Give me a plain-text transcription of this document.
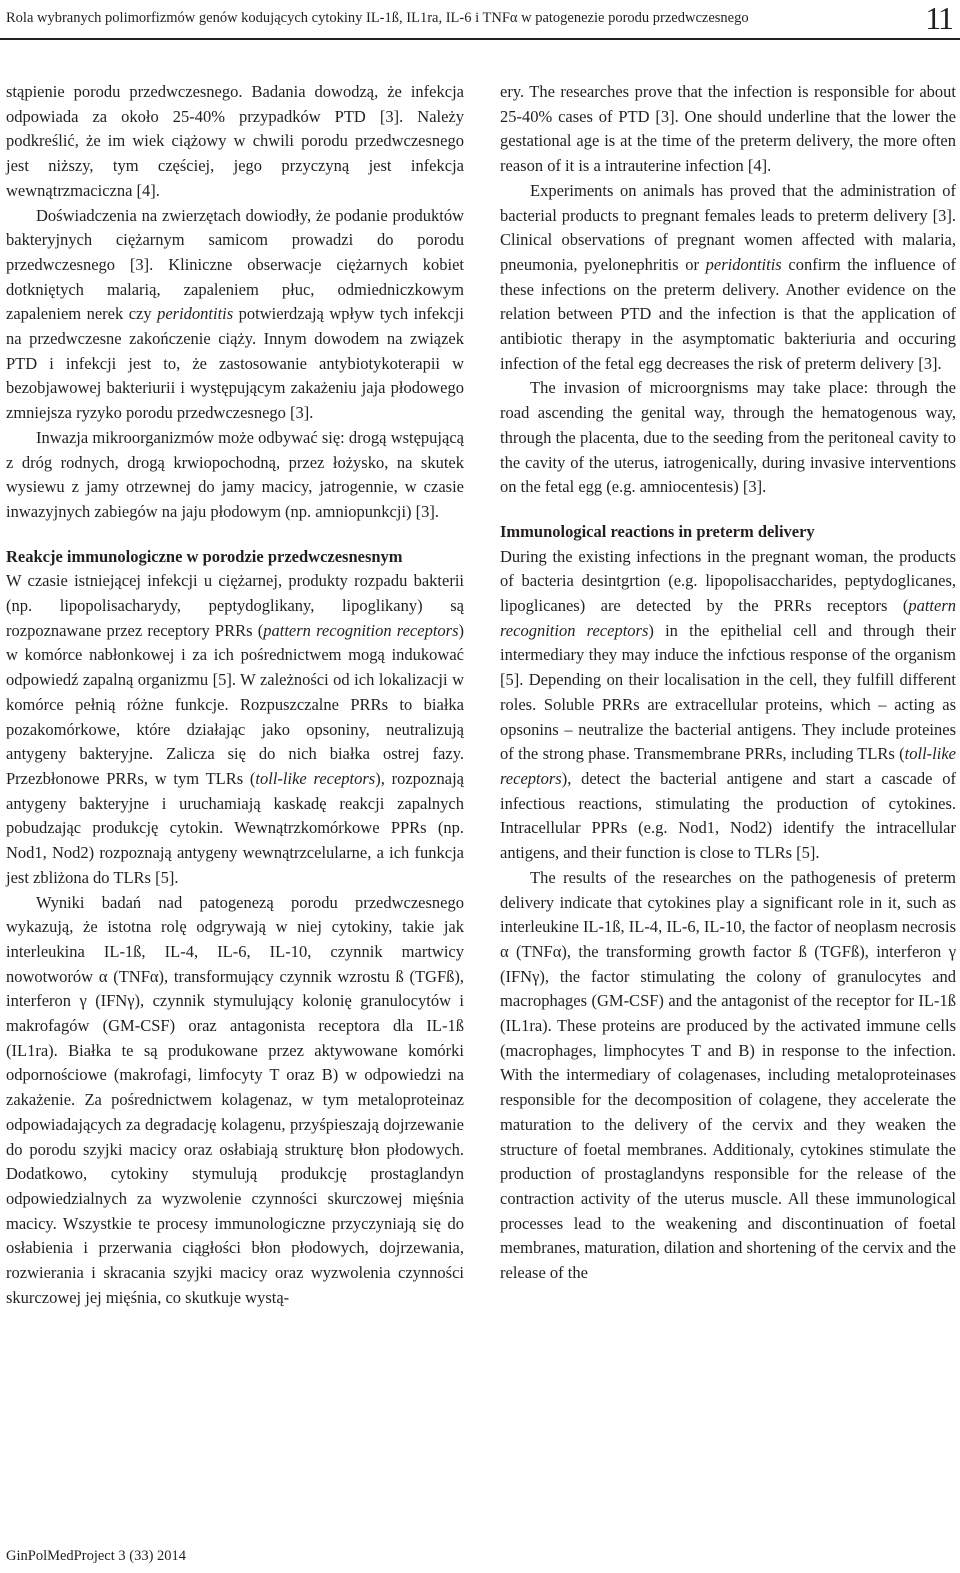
Rola wybranych polimorfizmów genów kodujących cytokiny IL-1ß, IL1ra, IL-6 i TNFα w patogenezie porodu przedwczesnego	11

stąpienie porodu przedwczesnego. Badania dowodzą, że infekcja odpowiada za około 25-40% przypadków PTD [3]. Należy podkreślić, że im wiek ciążowy w chwili porodu przedwczesnego jest niższy, tym częściej, jego przyczyną jest infekcja wewnątrzmaciczna [4].

Doświadczenia na zwierzętach dowiodły, że podanie produktów bakteryjnych ciężarnym samicom prowadzi do porodu przedwczesnego [3]. Kliniczne obserwacje ciężarnych kobiet dotkniętych malarią, zapaleniem płuc, odmiedniczkowym zapaleniem nerek czy peridontitis potwierdzają wpływ tych infekcji na przedwczesne zakończenie ciąży. Innym dowodem na związek PTD i infekcji jest to, że zastosowanie antybiotykoterapii w bezobjawowej bakteriurii i występującym zakażeniu jaja płodowego zmniejsza ryzyko porodu przedwczesnego [3].

Inwazja mikroorganizmów może odbywać się: drogą wstępującą z dróg rodnych, drogą krwiopochodną, przez łożysko, na skutek wysiewu z jamy otrzewnej do jamy macicy, jatrogennie, w czasie inwazyjnych zabiegów na jaju płodowym (np. amniopunkcji) [3].

Reakcje immunologiczne w porodzie przedwczesnesnym

W czasie istniejącej infekcji u ciężarnej, produkty rozpadu bakterii (np. lipopolisacharydy, peptydoglikany, lipoglikany) są rozpoznawane przez receptory PRRs (pattern recognition receptors) w komórce nabłonkowej i za ich pośrednictwem mogą indukować odpowiedź zapalną organizmu [5]. W zależności od ich lokalizacji w komórce pełnią różne funkcje. Rozpuszczalne PRRs to białka pozakomórkowe, które działając jako opsoniny, neutralizują antygeny bakteryjne. Zalicza się do nich białka ostrej fazy. Przezbłonowe PRRs, w tym TLRs (toll-like receptors), rozpoznają antygeny bakteryjne i uruchamiają kaskadę reakcji zapalnych pobudzając produkcję cytokin. Wewnątrzkomórkowe PPRs (np. Nod1, Nod2) rozpoznają antygeny wewnątrzcelularne, a ich funkcja jest zbliżona do TLRs [5].

Wyniki badań nad patogenezą porodu przedwczesnego wykazują, że istotna rolę odgrywają w niej cytokiny, takie jak interleukina IL-1ß, IL-4, IL-6, IL-10, czynnik martwicy nowotworów α (TNFα), transformujący czynnik wzrostu ß (TGFß), interferon γ (IFNγ), czynnik stymulujący kolonię granulocytów i makrofagów (GM-CSF) oraz antagonista receptora dla IL-1ß (IL1ra). Białka te są produkowane przez aktywowane komórki odpornościowe (makrofagi, limfocyty T oraz B) w odpowiedzi na zakażenie. Za pośrednictwem kolagenaz, w tym metaloproteinaz odpowiadających za degradację kolagenu, przyśpieszają dojrzewanie do porodu szyjki macicy oraz osłabiają strukturę błon płodowych. Dodatkowo, cytokiny stymulują produkcję prostaglandyn odpowiedzialnych za wyzwolenie czynności skurczowej mięśnia macicy. Wszystkie te procesy immunologiczne przyczyniają się do osłabienia i przerwania ciągłości błon płodowych, dojrzewania, rozwierania i skracania szyjki macicy oraz wyzwolenia czynności skurczowej jej mięśnia, co skutkuje wystą-

ery. The researches prove that the infection is responsible for about 25-40% cases of PTD [3]. One should underline that the lower the gestational age is at the time of the preterm delivery, the more often reason of it is a intrauterine infection [4].

Experiments on animals has proved that the administration of bacterial products to pregnant females leads to preterm delivery [3]. Clinical observations of pregnant women affected with malaria, pneumonia, pyelonephritis or peridontitis confirm the influence of these infections on the preterm delivery. Another evidence on the relation between PTD and the infection is that the application of antibiotic therapy in the asymptomatic bakteriuria and occuring infection of the fetal egg decreases the risk of preterm delivery [3].

The invasion of microorgnisms may take place: through the road ascending the genital way, through the hematogenous way, through the placenta, due to the seeding from the peritoneal cavity to the cavity of the uterus, iatrogenically, during invasive interventions on the fetal egg (e.g. amniocentesis) [3].

Immunological reactions in preterm delivery

During the existing infections in the pregnant woman, the products of bacteria desintgrtion (e.g. lipopolisaccharides, peptydoglicanes, lipoglicanes) are detected by the PRRs receptors (pattern recognition receptors) in the epithelial cell and through their intermediary they may induce the infctious response of the organism [5]. Depending on their localisation in the cell, they fulfill different roles. Soluble PRRs are extracellular proteins, which – acting as opsonins – neutralize the bacterial antigens. They include proteines of the strong phase. Transmembrane PRRs, including TLRs (toll-like receptors), detect the bacterial antigene and start a cascade of infectious reactions, stimulating the production of cytokines. Intracellular PPRs (e.g. Nod1, Nod2) identify the intracellular antigens, and their function is close to TLRs [5].

The results of the researches on the pathogenesis of preterm delivery indicate that cytokines play a significant role in it, such as interleukine IL-1ß, IL-4, IL-6, IL-10, the factor of neoplasm necrosis α (TNFα), the transforming growth factor ß (TGFß), interferon γ (IFNγ), the factor stimulating the colony of granulocytes and macrophages (GM-CSF) and the antagonist of the receptor for IL-1ß (IL1ra). These proteins are produced by the activated immune cells (macrophages, limphocytes T and B) in response to the infection. With the intermediary of colagenases, including metaloproteinases responsible for the decomposition of colagene, they accelerate the maturation to the delivery of the cervix and they weaken the structure of foetal membranes. Additionaly, cytokines stimulate the production of prostaglandyns responsible for the release of the contraction activity of the uterus muscle. All these immunological processes lead to the weakening and discontinuation of foetal membranes, maturation, dilation and shortening of the cervix and the release of the

GinPolMedProject 3 (33) 2014
